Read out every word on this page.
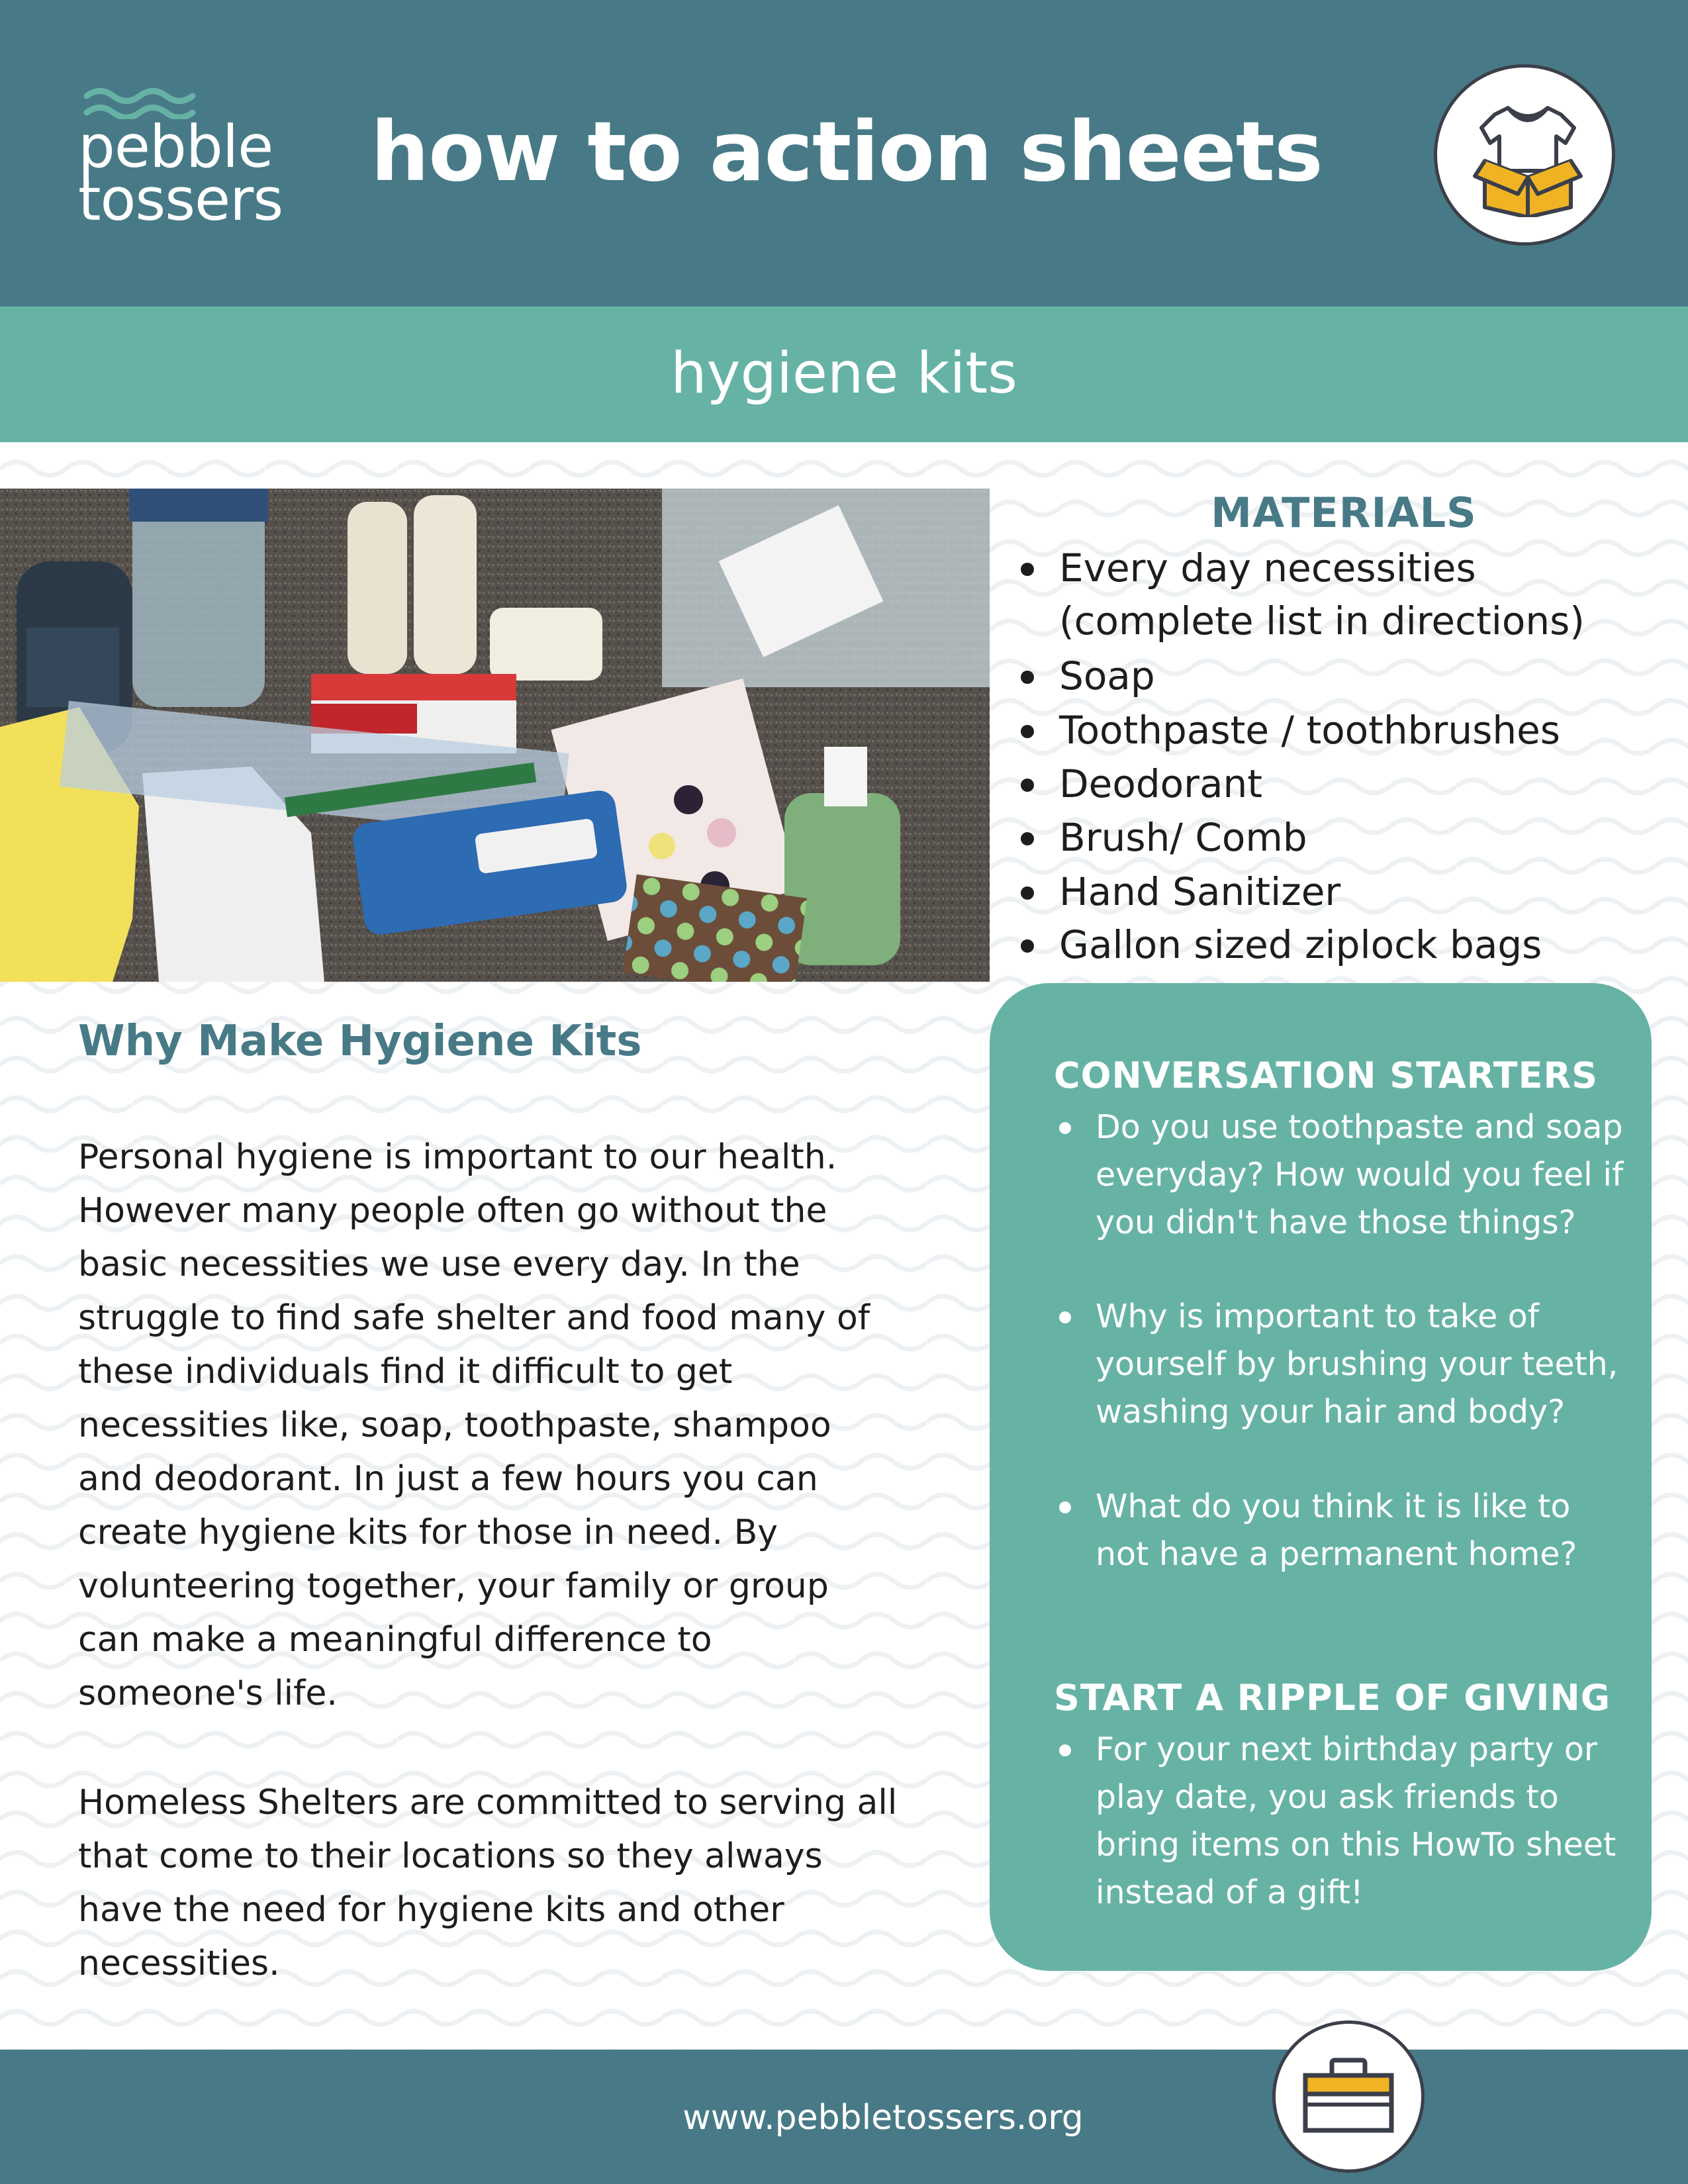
pebble
tossers how to action sheets
hygiene kits
MATERIALS
Every day necessities (complete list in directions)
Soap
Toothpaste / toothbrushes
Deodorant
Brush/ Comb
Hand Sanitizer
Gallon sized ziplock bags
Why Make Hygiene Kits

Personal hygiene is important to our health. However many people often go without the basic necessities we use every day. In the struggle to find safe shelter and food many of these individuals find it difficult to get necessities like, soap, toothpaste, shampoo and deodorant. In just a few hours you can create hygiene kits for those in need. By volunteering together, your family or group can make a meaningful difference to someone's life.

Homeless Shelters are committed to serving all that come to their locations so they always have the need for hygiene kits and other necessities.

CONVERSATION STARTERS
Do you use toothpaste and soap everyday? How would you feel if you didn't have those things?
Why is important to take of yourself by brushing your teeth, washing your hair and body?
What do you think it is like to not have a permanent home?
START A RIPPLE OF GIVING
For your next birthday party or play date, you ask friends to bring items on this HowTo sheet instead of a gift!
www.pebbletossers.org
